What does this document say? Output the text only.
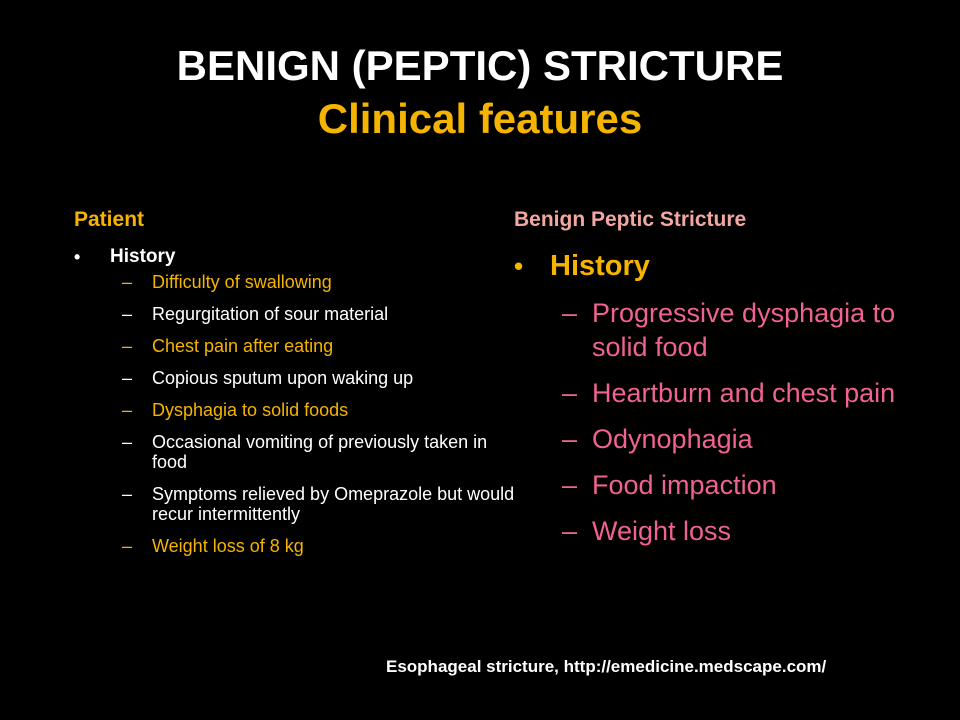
BENIGN (PEPTIC) STRICTURE
Clinical features
Patient
•	History
–	Difficulty of swallowing
–	Regurgitation of sour material
–	Chest pain after eating
–	Copious sputum upon waking up
–	Dysphagia to solid foods
–	Occasional vomiting of previously taken in food
–	Symptoms relieved by Omeprazole but would recur intermittently
–	Weight loss of 8 kg
Benign Peptic Stricture
• History
– Progressive dysphagia to solid food
– Heartburn and chest pain
– Odynophagia
– Food impaction
– Weight loss
Esophageal stricture, http://emedicine.medscape.com/
